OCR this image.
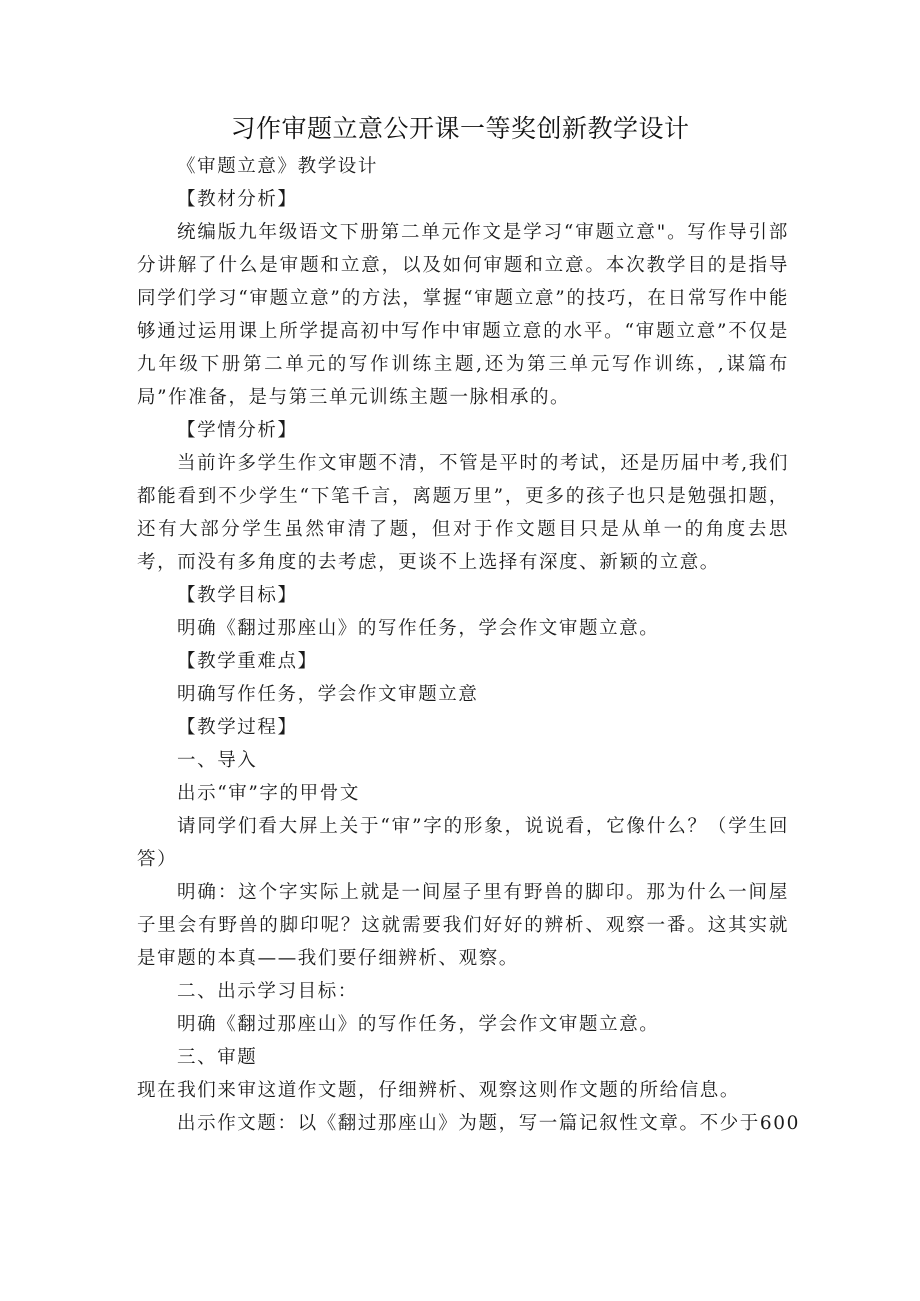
习作审题立意公开课一等奖创新教学设计

《审题立意》教学设计

【教材分析】

统编版九年级语文下册第二单元作文是学习“审题立意"。写作导引部分讲解了什么是审题和立意，以及如何审题和立意。本次教学目的是指导同学们学习“审题立意”的方法，掌握“审题立意”的技巧，在日常写作中能够通过运用课上所学提高初中写作中审题立意的水平。“审题立意”不仅是九年级下册第二单元的写作训练主题,还为第三单元写作训练，,谋篇布局”作准备，是与第三单元训练主题一脉相承的。

【学情分析】

当前许多学生作文审题不清，不管是平时的考试，还是历届中考,我们都能看到不少学生“下笔千言，离题万里”，更多的孩子也只是勉强扣题，还有大部分学生虽然审清了题，但对于作文题目只是从单一的角度去思考，而没有多角度的去考虑，更谈不上选择有深度、新颖的立意。

【教学目标】

明确《翻过那座山》的写作任务，学会作文审题立意。

【教学重难点】

明确写作任务，学会作文审题立意

【教学过程】

一、导入

出示“审”字的甲骨文

请同学们看大屏上关于“审”字的形象，说说看，它像什么？（学生回答）

明确：这个字实际上就是一间屋子里有野兽的脚印。那为什么一间屋子里会有野兽的脚印呢？这就需要我们好好的辨析、观察一番。这其实就是审题的本真——我们要仔细辨析、观察。

二、出示学习目标：

明确《翻过那座山》的写作任务，学会作文审题立意。

三、审题

现在我们来审这道作文题，仔细辨析、观察这则作文题的所给信息。

出示作文题：以《翻过那座山》为题，写一篇记叙性文章。不少于600
